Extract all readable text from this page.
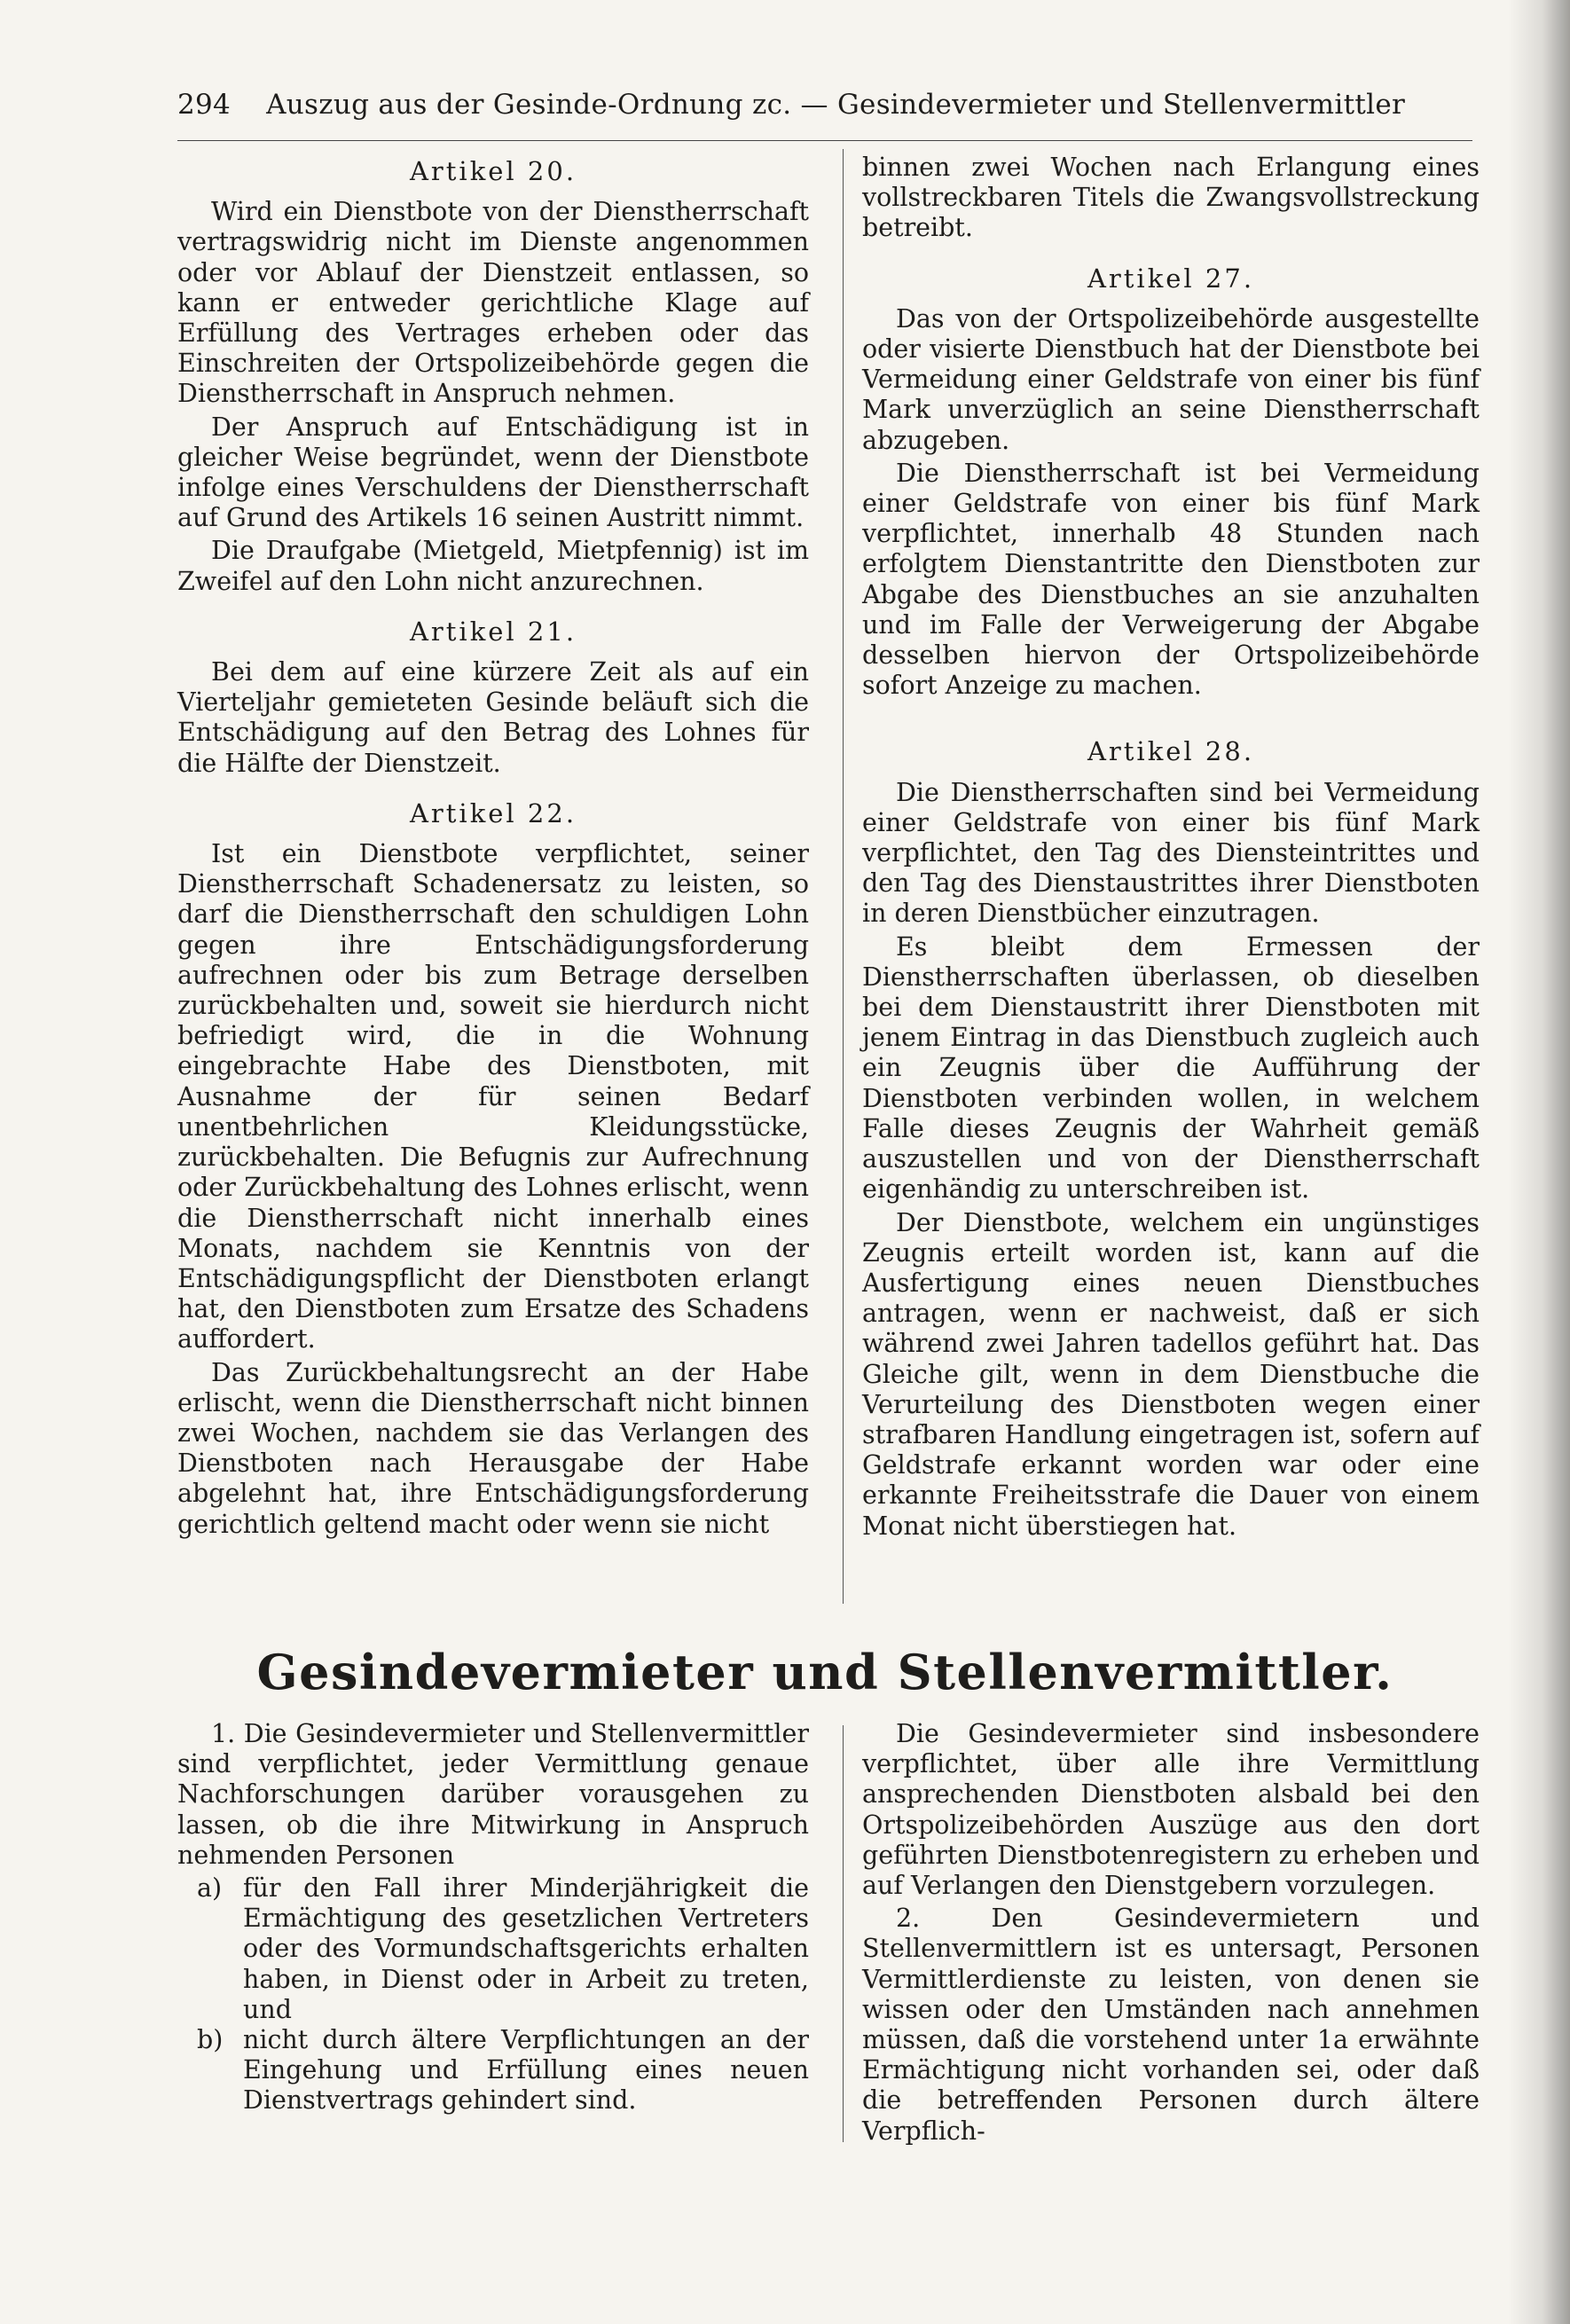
294 Auszug aus der Gesinde-Ordnung zc. — Gesindevermieter und Stellenvermittler
Artikel 20.

Wird ein Dienstbote von der Dienstherrschaft vertragswidrig nicht im Dienste angenommen oder vor Ablauf der Dienstzeit entlassen, so kann er entweder gerichtliche Klage auf Erfüllung des Vertrages erheben oder das Einschreiten der Ortspolizeibehörde gegen die Dienstherrschaft in Anspruch nehmen.

Der Anspruch auf Entschädigung ist in gleicher Weise begründet, wenn der Dienstbote infolge eines Verschuldens der Dienstherrschaft auf Grund des Artikels 16 seinen Austritt nimmt.

Die Draufgabe (Mietgeld, Mietpfennig) ist im Zweifel auf den Lohn nicht anzurechnen.

Artikel 21.

Bei dem auf eine kürzere Zeit als auf ein Vierteljahr gemieteten Gesinde beläuft sich die Entschädigung auf den Betrag des Lohnes für die Hälfte der Dienstzeit.

Artikel 22.

Ist ein Dienstbote verpflichtet, seiner Dienstherrschaft Schadenersatz zu leisten, so darf die Dienstherrschaft den schuldigen Lohn gegen ihre Entschädigungsforderung aufrechnen oder bis zum Betrage derselben zurückbehalten und, soweit sie hierdurch nicht befriedigt wird, die in die Wohnung eingebrachte Habe des Dienstboten, mit Ausnahme der für seinen Bedarf unentbehrlichen Kleidungsstücke, zurückbehalten. Die Befugnis zur Aufrechnung oder Zurückbehaltung des Lohnes erlischt, wenn die Dienstherrschaft nicht innerhalb eines Monats, nachdem sie Kenntnis von der Entschädigungspflicht der Dienstboten erlangt hat, den Dienstboten zum Ersatze des Schadens auffordert.

Das Zurückbehaltungsrecht an der Habe erlischt, wenn die Dienstherrschaft nicht binnen zwei Wochen, nachdem sie das Verlangen des Dienstboten nach Herausgabe der Habe abgelehnt hat, ihre Entschädigungsforderung gerichtlich geltend macht oder wenn sie nicht

binnen zwei Wochen nach Erlangung eines vollstreckbaren Titels die Zwangsvollstreckung betreibt.

Artikel 27.

Das von der Ortspolizeibehörde ausgestellte oder visierte Dienstbuch hat der Dienstbote bei Vermeidung einer Geldstrafe von einer bis fünf Mark unverzüglich an seine Dienstherrschaft abzugeben.

Die Dienstherrschaft ist bei Vermeidung einer Geldstrafe von einer bis fünf Mark verpflichtet, innerhalb 48 Stunden nach erfolgtem Dienstantritte den Dienstboten zur Abgabe des Dienstbuches an sie anzuhalten und im Falle der Verweigerung der Abgabe desselben hiervon der Ortspolizeibehörde sofort Anzeige zu machen.

Artikel 28.

Die Dienstherrschaften sind bei Vermeidung einer Geldstrafe von einer bis fünf Mark verpflichtet, den Tag des Diensteintrittes und den Tag des Dienstaustrittes ihrer Dienstboten in deren Dienstbücher einzutragen.

Es bleibt dem Ermessen der Dienstherrschaften überlassen, ob dieselben bei dem Dienstaustritt ihrer Dienstboten mit jenem Eintrag in das Dienstbuch zugleich auch ein Zeugnis über die Aufführung der Dienstboten verbinden wollen, in welchem Falle dieses Zeugnis der Wahrheit gemäß auszustellen und von der Dienstherrschaft eigenhändig zu unterschreiben ist.

Der Dienstbote, welchem ein ungünstiges Zeugnis erteilt worden ist, kann auf die Ausfertigung eines neuen Dienstbuches antragen, wenn er nachweist, daß er sich während zwei Jahren tadellos geführt hat. Das Gleiche gilt, wenn in dem Dienstbuche die Verurteilung des Dienstboten wegen einer strafbaren Handlung eingetragen ist, sofern auf Geldstrafe erkannt worden war oder eine erkannte Freiheitsstrafe die Dauer von einem Monat nicht überstiegen hat.

Gesindevermieter und Stellenvermittler.

1. Die Gesindevermieter und Stellenvermittler sind verpflichtet, jeder Vermittlung genaue Nachforschungen darüber vorausgehen zu lassen, ob die ihre Mitwirkung in Anspruch nehmenden Personen

a) für den Fall ihrer Minderjährigkeit die Ermächtigung des gesetzlichen Vertreters oder des Vormundschaftsgerichts erhalten haben, in Dienst oder in Arbeit zu treten, und
b) nicht durch ältere Verpflichtungen an der Eingehung und Erfüllung eines neuen Dienstvertrags gehindert sind.

Die Gesindevermieter sind insbesondere verpflichtet, über alle ihre Vermittlung ansprechenden Dienstboten alsbald bei den Ortspolizeibehörden Auszüge aus den dort geführten Dienstbotenregistern zu erheben und auf Verlangen den Dienstgebern vorzulegen.

2. Den Gesindevermietern und Stellenvermittlern ist es untersagt, Personen Vermittlerdienste zu leisten, von denen sie wissen oder den Umständen nach annehmen müssen, daß die vorstehend unter 1a erwähnte Ermächtigung nicht vorhanden sei, oder daß die betreffenden Personen durch ältere Verpflich-
